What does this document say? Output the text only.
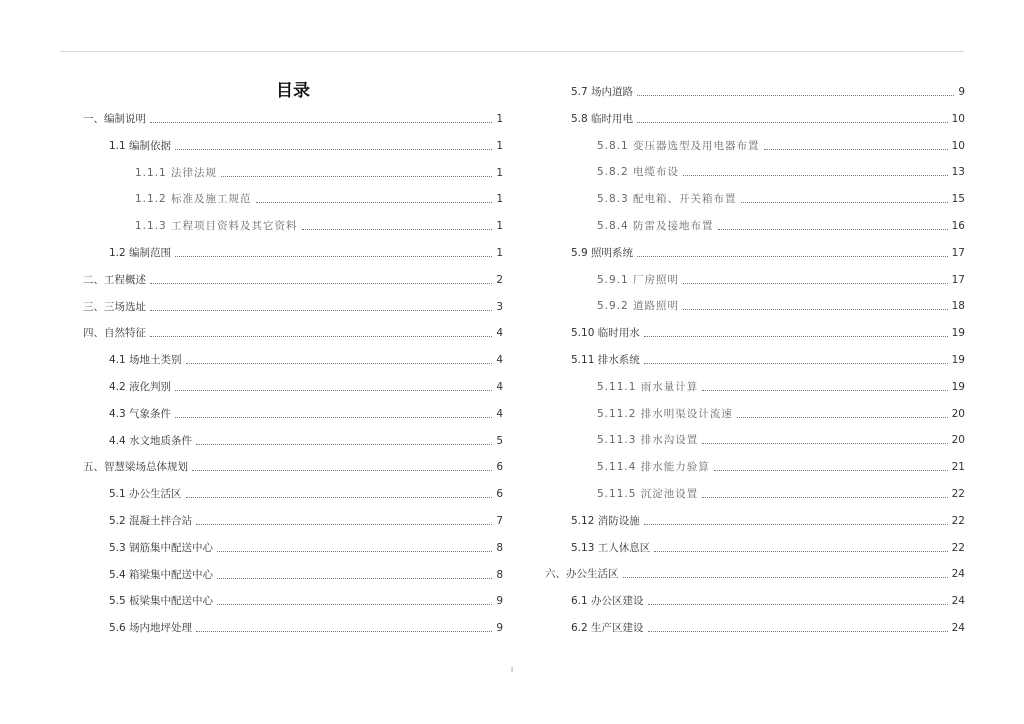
目录
一、编制说明	1
1.1 编制依据	1
1.1.1 法律法规	1
1.1.2 标准及施工规范	1
1.1.3 工程项目资料及其它资料	1
1.2 编制范围	1
二、工程概述	2
三、三场选址	3
四、自然特征	4
4.1 场地土类别	4
4.2 液化判别	4
4.3 气象条件	4
4.4 水文地质条件	5
五、智慧梁场总体规划	6
5.1 办公生活区	6
5.2 混凝土拌合站	7
5.3 钢筋集中配送中心	8
5.4 箱梁集中配送中心	8
5.5 板梁集中配送中心	9
5.6 场内地坪处理	9
5.7 场内道路	9
5.8 临时用电	10
5.8.1 变压器选型及用电器布置	10
5.8.2 电缆布设	13
5.8.3 配电箱、开关箱布置	15
5.8.4 防雷及接地布置	16
5.9 照明系统	17
5.9.1 厂房照明	17
5.9.2 道路照明	18
5.10 临时用水	19
5.11 排水系统	19
5.11.1 雨水量计算	19
5.11.2 排水明渠设计流速	20
5.11.3 排水沟设置	20
5.11.4 排水能力验算	21
5.11.5 沉淀池设置	22
5.12 消防设施	22
5.13 工人休息区	22
六、办公生活区	24
6.1 办公区建设	24
6.2 生产区建设	24
I
